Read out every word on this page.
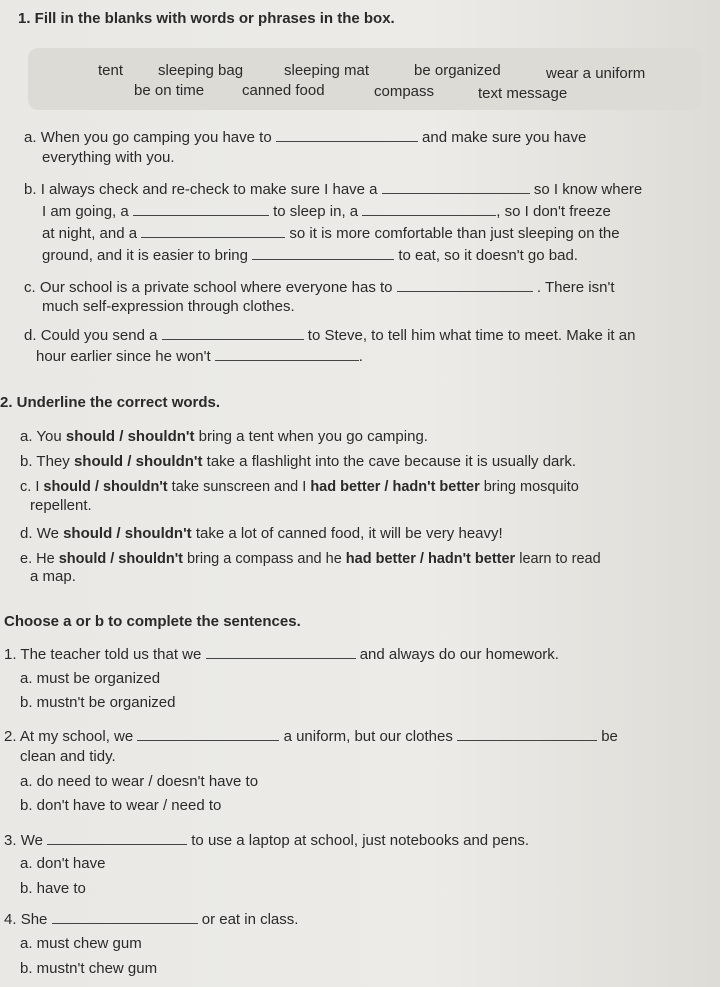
1. Fill in the blanks with words or phrases in the box.
tent sleeping bag	sleeping mat	be organized	wear a uniform
be on time	canned food	compass	text message
a. When you go camping you have to	and make sure you have
everything with you.
b. I always check and re-check to make sure I have a	so I know where
I am going, a	to sleep in, a	, so I don't freeze
at night, and a	so it is more comfortable than just sleeping on the
ground, and it is easier to bring	to eat, so it doesn't go bad.
c. Our school is a private school where everyone has to	. There isn't
much self-expression through clothes.
d. Could you send a	to Steve, to tell him what time to meet. Make it an
hour earlier since he won't	.
2. Underline the correct words.
a. You should / shouldn't bring a tent when you go camping.
b. They should / shouldn't take a flashlight into the cave because it is usually dark.
c. I should / shouldn't take sunscreen and I had better / hadn't better bring mosquito
repellent.
d. We should / shouldn't take a lot of canned food, it will be very heavy!
e. He should / shouldn't bring a compass and he had better / hadn't better learn to read
a map.
Choose a or b to complete the sentences.
1. The teacher told us that we	and always do our homework.
a. must be organized
b. mustn't be organized
2. At my school, we	a uniform, but our clothes	be
clean and tidy.
a. do need to wear / doesn't have to
b. don't have to wear / need to
3. We	to use a laptop at school, just notebooks and pens.
a. don't have
b. have to
4. She	or eat in class.
a. must chew gum
b. mustn't chew gum
